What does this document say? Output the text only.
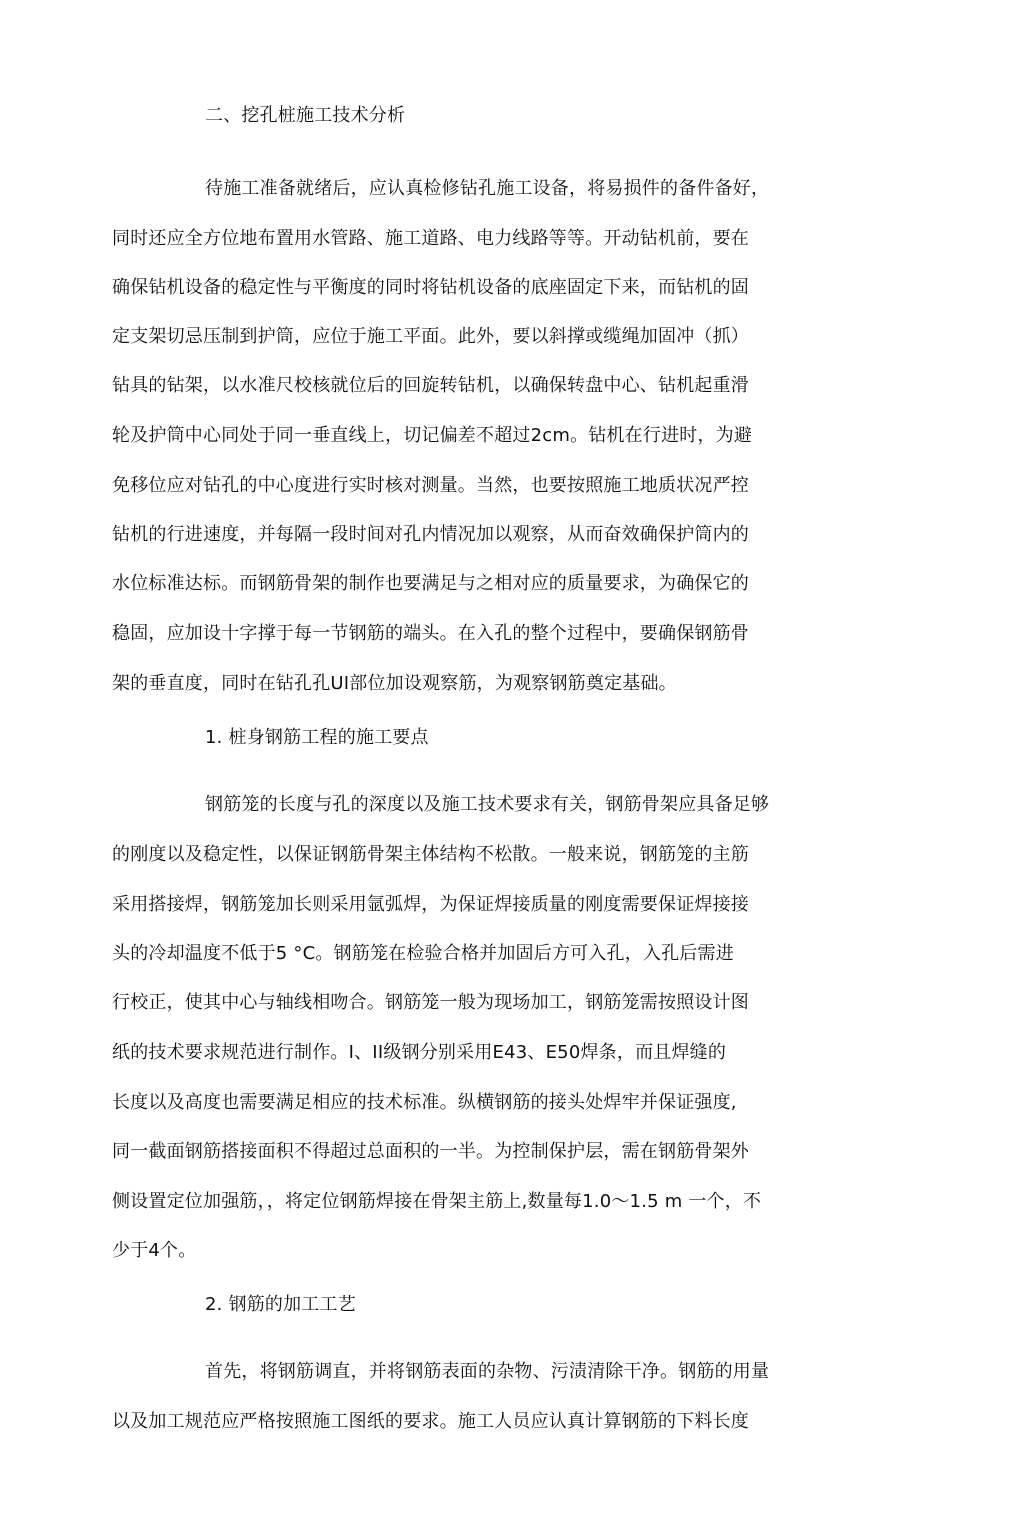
二、挖孔桩施工技术分析
待施工准备就绪后，应认真检修钻孔施工设备，将易损件的备件备好，
同时还应全方位地布置用水管路、施工道路、电力线路等等。开动钻机前，要在
确保钻机设备的稳定性与平衡度的同时将钻机设备的底座固定下来，而钻机的固
定支架切忌压制到护筒，应位于施工平面。此外，要以斜撑或缆绳加固冲（抓）
钻具的钻架，以水准尺校核就位后的回旋转钻机，以确保转盘中心、钻机起重滑
轮及护筒中心同处于同一垂直线上，切记偏差不超过2cm。钻机在行进时，为避
免移位应对钻孔的中心度进行实时核对测量。当然，也要按照施工地质状况严控
钻机的行进速度，并每隔一段时间对孔内情况加以观察，从而奋效确保护筒内的
水位标准达标。而钢筋骨架的制作也要满足与之相对应的质量要求，为确保它的
稳固，应加设十字撑于每一节钢筋的端头。在入孔的整个过程中，要确保钢筋骨
架的垂直度，同时在钻孔孔UI部位加设观察筋，为观察钢筋奠定基础。
1. 桩身钢筋工程的施工要点
钢筋笼的长度与孔的深度以及施工技术要求有关，钢筋骨架应具备足够
的刚度以及稳定性，以保证钢筋骨架主体结构不松散。一般来说，钢筋笼的主筋
采用搭接焊，钢筋笼加长则采用氩弧焊，为保证焊接质量的刚度需要保证焊接接
头的冷却温度不低于5 °C。钢筋笼在检验合格并加固后方可入孔，入孔后需进
行校正，使其中心与轴线相吻合。钢筋笼一般为现场加工，钢筋笼需按照设计图
纸的技术要求规范进行制作。I、II级钢分别采用E43、E50焊条，而且焊缝的
长度以及高度也需要满足相应的技术标准。纵横钢筋的接头处焊牢并保证强度,
同一截面钢筋搭接面积不得超过总面积的一半。为控制保护层，需在钢筋骨架外
侧设置定位加强筋，，将定位钢筋焊接在骨架主筋上,数量每1.0～1.5 m 一个，不
少于4个。
2. 钢筋的加工工艺
首先，将钢筋调直，并将钢筋表面的杂物、污渍清除干净。钢筋的用量
以及加工规范应严格按照施工图纸的要求。施工人员应认真计算钢筋的下料长度
